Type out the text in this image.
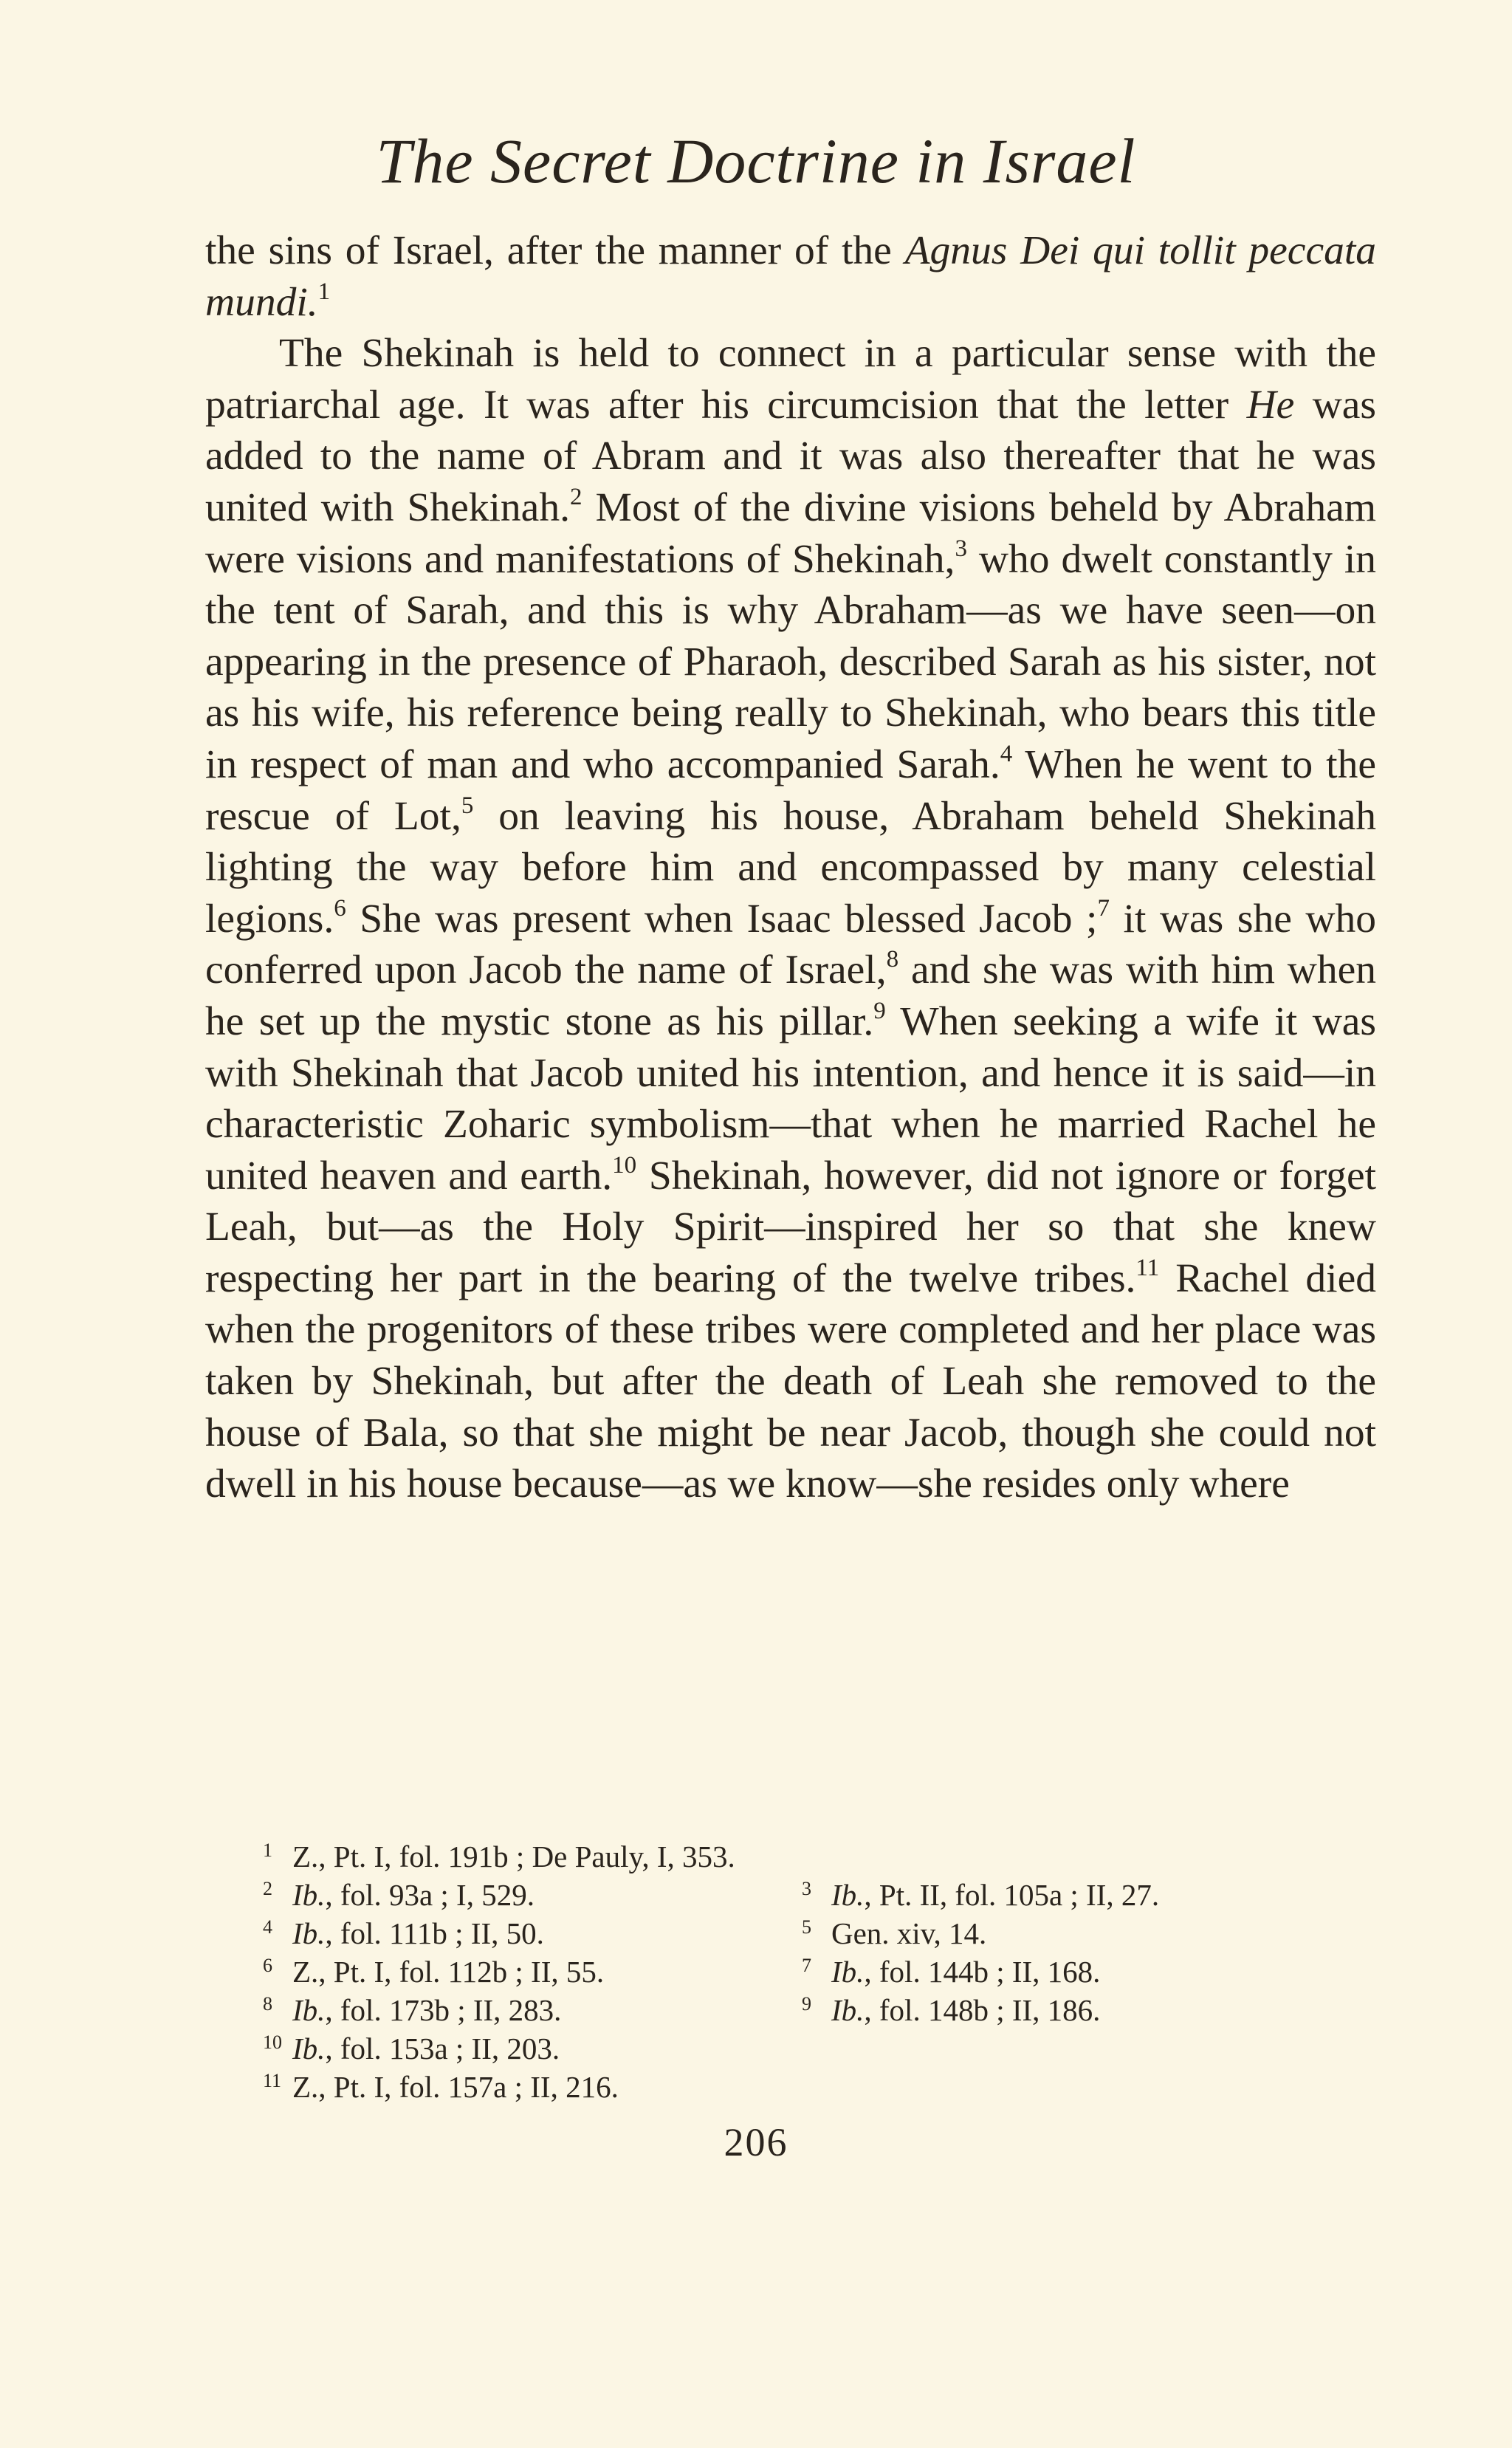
The Secret Doctrine in Israel

the sins of Israel, after the manner of the Agnus Dei qui tollit peccata mundi.$^1$

The Shekinah is held to connect in a particular sense with the patriarchal age. It was after his circumcision that the letter He was added to the name of Abram and it was also thereafter that he was united with Shekinah.$^2$ Most of the divine visions beheld by Abraham were visions and manifestations of Shekinah,$^3$ who dwelt constantly in the tent of Sarah, and this is why Abraham—as we have seen—on appearing in the presence of Pharaoh, described Sarah as his sister, not as his wife, his reference being really to Shekinah, who bears this title in respect of man and who accompanied Sarah.$^4$ When he went to the rescue of Lot,$^5$ on leaving his house, Abraham beheld Shekinah lighting the way before him and encompassed by many celestial legions.$^6$ She was present when Isaac blessed Jacob ;$^7$ it was she who conferred upon Jacob the name of Israel,$^8$ and she was with him when he set up the mystic stone as his pillar.$^9$ When seeking a wife it was with Shekinah that Jacob united his intention, and hence it is said—in characteristic Zoharic symbolism—that when he married Rachel he united heaven and earth.$^{10}$ Shekinah, however, did not ignore or forget Leah, but—as the Holy Spirit—inspired her so that she knew respecting her part in the bearing of the twelve tribes.$^{11}$ Rachel died when the progenitors of these tribes were completed and her place was taken by Shekinah, but after the death of Leah she removed to the house of Bala, so that she might be near Jacob, though she could not dwell in his house because—as we know—she resides only where

1 Z., Pt. I, fol. 191b ; De Pauly, I, 353.
2 Ib., fol. 93a ; I, 529.	3 Ib., Pt. II, fol. 105a ; II, 27.
4 Ib., fol. 111b ; II, 50.	5 Gen. xiv, 14.
6 Z., Pt. I, fol. 112b ; II, 55.	7 Ib., fol. 144b ; II, 168.
8 Ib., fol. 173b ; II, 283.	9 Ib., fol. 148b ; II, 186.
10 Ib., fol. 153a ; II, 203.
11 Z., Pt. I, fol. 157a ; II, 216.
206
